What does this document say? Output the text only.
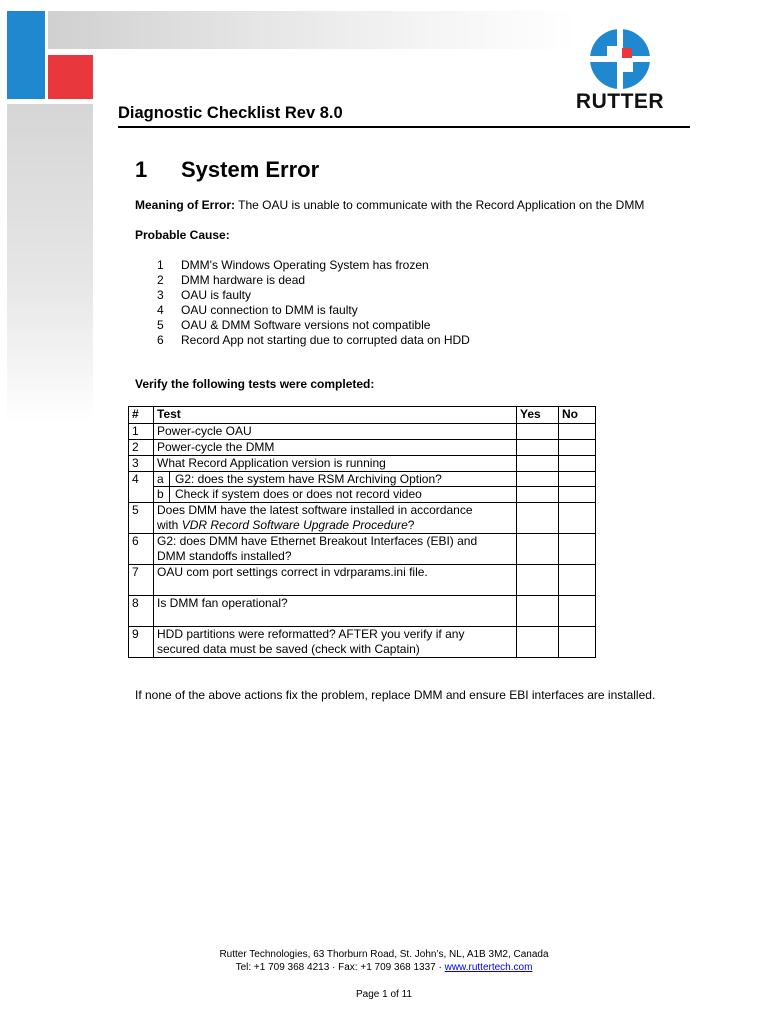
RUTTER
Diagnostic Checklist Rev 8.0
1 System Error
Meaning of Error: The OAU is unable to communicate with the Record Application on the DMM
Probable Cause:
1 DMM's Windows Operating System has frozen
2 DMM hardware is dead
3 OAU is faulty
4 OAU connection to DMM is faulty
5 OAU & DMM Software versions not compatible
6 Record App not starting due to corrupted data on HDD
Verify the following tests were completed:
#	Test	Yes	No
1	Power-cycle OAU		
2	Power-cycle the DMM		
3	What Record Application version is running		
4	a G2: does the system have RSM Archiving Option?
b Check if system does or does not record video		

5	Does DMM have the latest software installed in accordance
with VDR Record Software Upgrade Procedure?		

6	G2: does DMM have Ethernet Breakout Interfaces (EBI) and
DMM standoffs installed?		

7	OAU com port settings correct in vdrparams.ini file.		
8	Is DMM fan operational?		
9	HDD partitions were reformatted? AFTER you verify if any
secured data must be saved (check with Captain)		

If none of the above actions fix the problem, replace DMM and ensure EBI interfaces are installed.
Rutter Technologies, 63 Thorburn Road, St. John’s, NL, A1B 3M2, Canada
Tel: +1 709 368 4213 · Fax: +1 709 368 1337 · www.ruttertech.com
Page 1 of 11
